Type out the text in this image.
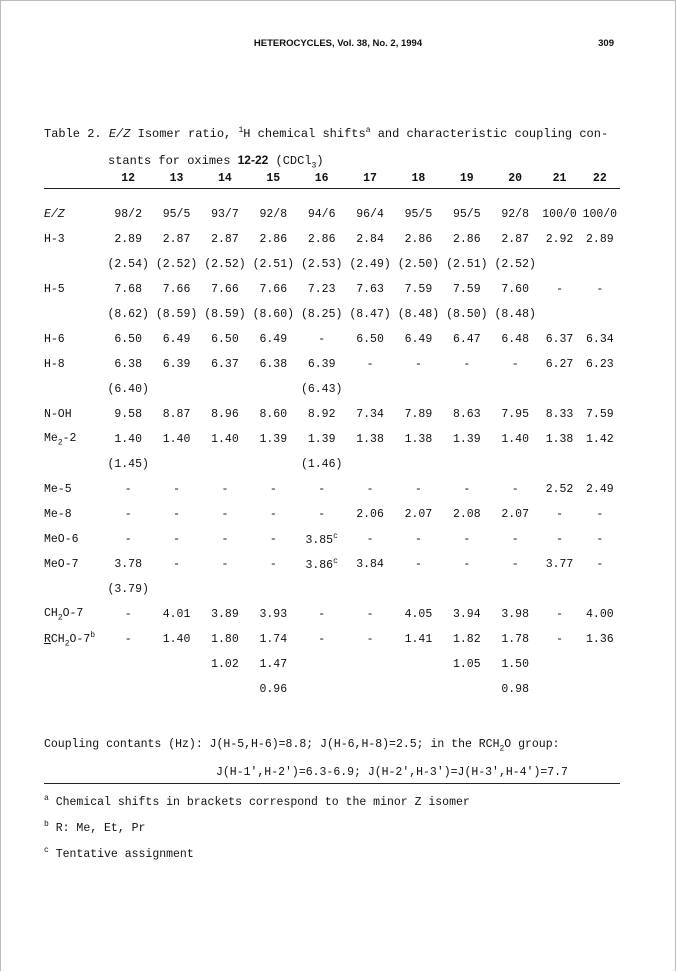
HETEROCYCLES, Vol. 38, No. 2, 1994	309
Table 2. E/Z Isomer ratio, $^1$H chemical shifts$^a$ and characteristic coupling con-
stants for oximes 12-22 (CDCl$_3$)
	12	13	14	15	16	17	18	19	20	21	22

E/Z	98/2	95/5	93/7	92/8	94/6	96/4	95/5	95/5	92/8	100/0	100/0
H-3	2.89	2.87	2.87	2.86	2.86	2.84	2.86	2.86	2.87	2.92	2.89
	(2.54)	(2.52)	(2.52)	(2.51)	(2.53)	(2.49)	(2.50)	(2.51)	(2.52)		
H-5	7.68	7.66	7.66	7.66	7.23	7.63	7.59	7.59	7.60	-	-
	(8.62)	(8.59)	(8.59)	(8.60)	(8.25)	(8.47)	(8.48)	(8.50)	(8.48)		
H-6	6.50	6.49	6.50	6.49	-	6.50	6.49	6.47	6.48	6.37	6.34
H-8	6.38	6.39	6.37	6.38	6.39	-	-	-	-	6.27	6.23
	(6.40)				(6.43)						
N-OH	9.58	8.87	8.96	8.60	8.92	7.34	7.89	8.63	7.95	8.33	7.59
$Me_2-2$	1.40	1.40	1.40	1.39	1.39	1.38	1.38	1.39	1.40	1.38	1.42
	(1.45)				(1.46)						
Me-5	-	-	-	-	-	-	-	-	-	2.52	2.49
Me-8	-	-	-	-	-	2.06	2.07	2.08	2.07	-	-
MeO-6	-	-	-	-	3.85$^c$	-	-	-	-	-	-
MeO-7	3.78	-	-	-	3.86$^c$	3.84	-	-	-	3.77	-
	(3.79)										
$CH_2O-7$	-	4.01	3.89	3.93	-	-	4.05	3.94	3.98	-	4.00
$RCH_2O-7^b$	-	1.40	1.80	1.74	-	-	1.41	1.82	1.78	-	1.36
			1.02	1.47				1.05	1.50		
				0.96					0.98		
Coupling contants (Hz): J(H-5,H-6)=8.8; J(H-6,H-8)=2.5; in the $RCH_2O$ group:
J(H-1',H-2')=6.3-6.9; J(H-2',H-3')=J(H-3',H-4')=7.7
$^a$ Chemical shifts in brackets correspond to the minor Z isomer
$^b$ R: Me, Et, Pr
$^c$ Tentative assignment
